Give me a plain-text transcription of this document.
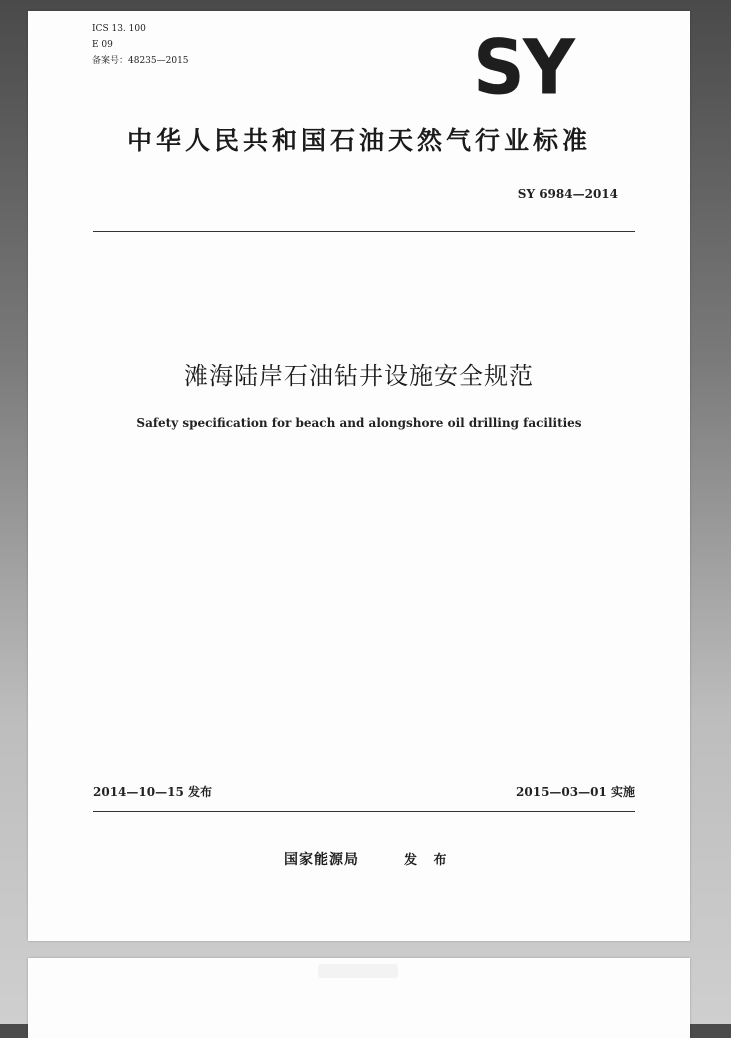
ICS 13. 100
E 09
备案号：48235—2015	SY
中华人民共和国石油天然气行业标准
SY 6984—2014
滩海陆岸石油钻井设施安全规范
Safety specification for beach and alongshore oil drilling facilities
2014—10—15 发布	2015—03—01 实施
国家能源局	发 布
